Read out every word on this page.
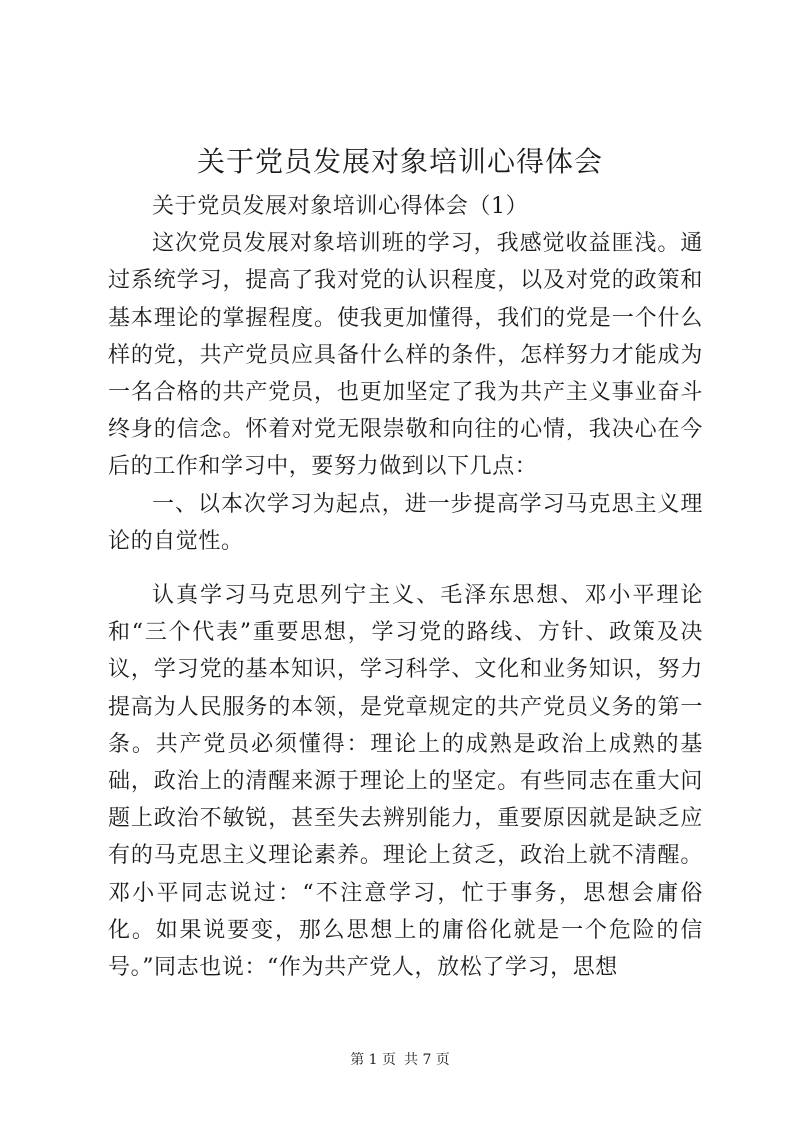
关于党员发展对象培训心得体会

关于党员发展对象培训心得体会（1）

这次党员发展对象培训班的学习，我感觉收益匪浅。通过系统学习，提高了我对党的认识程度，以及对党的政策和基本理论的掌握程度。使我更加懂得，我们的党是一个什么样的党，共产党员应具备什么样的条件，怎样努力才能成为一名合格的共产党员，也更加坚定了我为共产主义事业奋斗终身的信念。怀着对党无限崇敬和向往的心情，我决心在今后的工作和学习中，要努力做到以下几点：

一、以本次学习为起点，进一步提高学习马克思主义理论的自觉性。

认真学习马克思列宁主义、毛泽东思想、邓小平理论和“三个代表”重要思想，学习党的路线、方针、政策及决议，学习党的基本知识，学习科学、文化和业务知识，努力提高为人民服务的本领，是党章规定的共产党员义务的第一条。共产党员必须懂得：理论上的成熟是政治上成熟的基础，政治上的清醒来源于理论上的坚定。有些同志在重大问题上政治不敏锐，甚至失去辨别能力，重要原因就是缺乏应有的马克思主义理论素养。理论上贫乏，政治上就不清醒。邓小平同志说过：“不注意学习，忙于事务，思想会庸俗化。如果说要变，那么思想上的庸俗化就是一个危险的信号。”同志也说：“作为共产党人，放松了学习，思想

第 1 页 共 7 页
